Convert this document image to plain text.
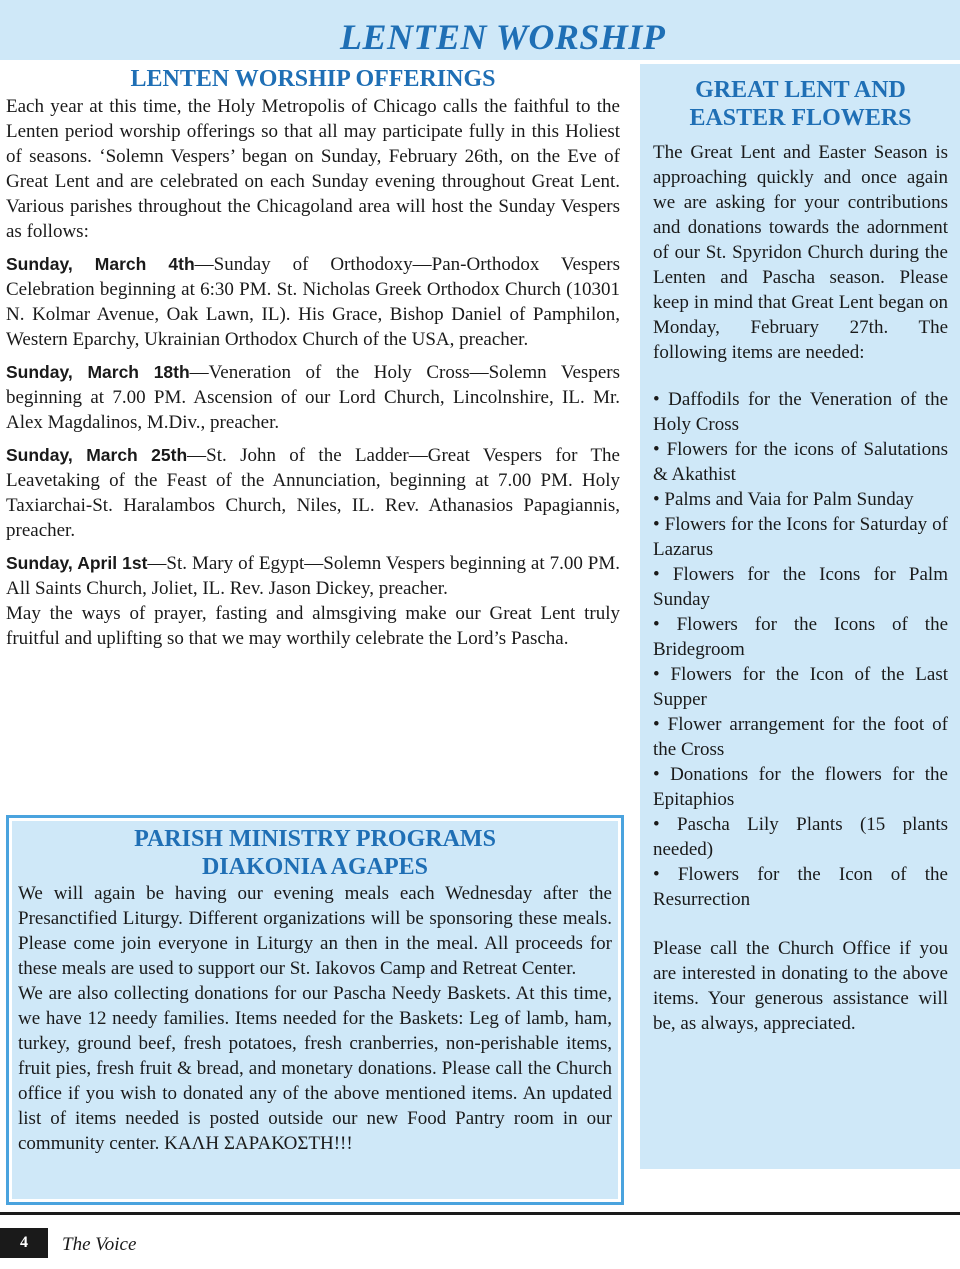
LENTEN WORSHIP
LENTEN WORSHIP OFFERINGS

Each year at this time, the Holy Metropolis of Chicago calls the faithful to the Lenten period worship offerings so that all may participate fully in this Holiest of seasons. ‘Solemn Vespers’ began on Sunday, February 26th, on the Eve of Great Lent and are celebrated on each Sunday evening throughout Great Lent. Various parishes throughout the Chicagoland area will host the Sunday Vespers as follows:

Sunday, March 4th—Sunday of Orthodoxy—Pan-Orthodox Vespers Celebration beginning at 6:30 PM. St. Nicholas Greek Orthodox Church (10301 N. Kolmar Avenue, Oak Lawn, IL). His Grace, Bishop Daniel of Pamphilon, Western Eparchy, Ukrainian Orthodox Church of the USA, preacher.
Sunday, March 18th—Veneration of the Holy Cross—Solemn Vespers beginning at 7.00 PM. Ascension of our Lord Church, Lincolnshire, IL. Mr. Alex Magdalinos, M.Div., preacher.
Sunday, March 25th—St. John of the Ladder—Great Vespers for The Leavetaking of the Feast of the Annunciation, beginning at 7.00 PM. Holy Taxiarchai-St. Haralambos Church, Niles, IL. Rev. Athanasios Papagiannis, preacher.
Sunday, April 1st—St. Mary of Egypt—Solemn Vespers beginning at 7.00 PM. All Saints Church, Joliet, IL. Rev. Jason Dickey, preacher.

May the ways of prayer, fasting and almsgiving make our Great Lent truly fruitful and uplifting so that we may worthily celebrate the Lord’s Pascha.

PARISH MINISTRY PROGRAMS
DIAKONIA AGAPES

We will again be having our evening meals each Wednesday after the Presanctified Liturgy. Different organizations will be sponsoring these meals. Please come join everyone in Liturgy an then in the meal. All proceeds for these meals are used to support our St. Iakovos Camp and Retreat Center.

We are also collecting donations for our Pascha Needy Baskets. At this time, we have 12 needy families. Items needed for the Baskets: Leg of lamb, ham, turkey, ground beef, fresh potatoes, fresh cranberries, non-perishable items, fruit pies, fresh fruit & bread, and monetary donations. Please call the Church office if you wish to donated any of the above mentioned items. An updated list of items needed is posted outside our new Food Pantry room in our community center. ΚΑΛΗ ΣΑΡΑΚΟΣΤΗ!!!

GREAT LENT AND
EASTER FLOWERS

The Great Lent and Easter Season is approaching quickly and once again we are asking for your contributions and donations towards the adornment of our St. Spyridon Church during the Lenten and Pascha season. Please keep in mind that Great Lent began on Monday, February 27th. The following items are needed:

• Daffodils for the Veneration of the Holy Cross
• Flowers for the icons of Salutations & Akathist
• Palms and Vaia for Palm Sunday
• Flowers for the Icons for Saturday of Lazarus
• Flowers for the Icons for Palm Sunday
• Flowers for the Icons of the Bridegroom
• Flowers for the Icon of the Last Supper
• Flower arrangement for the foot of the Cross
• Donations for the flowers for the Epitaphios
• Pascha Lily Plants (15 plants needed)
• Flowers for the Icon of the Resurrection

Please call the Church Office if you are interested in donating to the above items. Your generous assistance will be, as always, appreciated.

4	The Voice
